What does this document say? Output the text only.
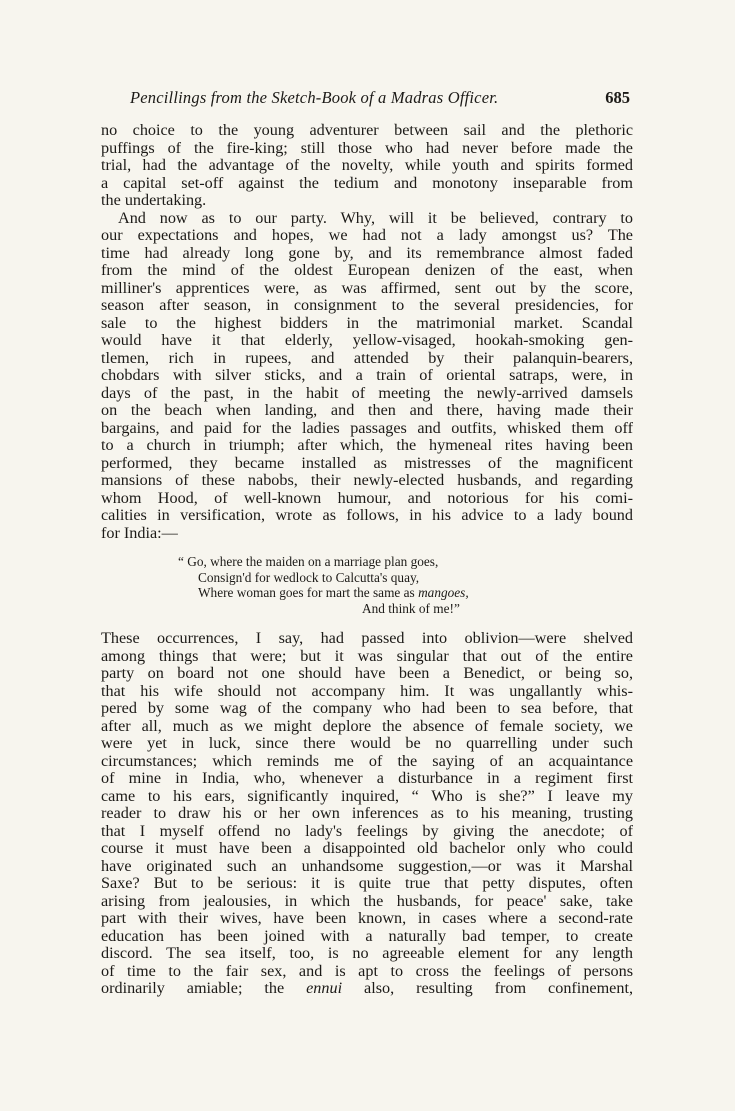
Pencillings from the Sketch-Book of a Madras Officer.	685
no choice to the young adventurer between sail and the plethoric
puffings of the fire-king; still those who had never before made the
trial, had the advantage of the novelty, while youth and spirits formed
a capital set-off against the tedium and monotony inseparable from
the undertaking.
And now as to our party. Why, will it be believed, contrary to
our expectations and hopes, we had not a lady amongst us? The
time had already long gone by, and its remembrance almost faded
from the mind of the oldest European denizen of the east, when
milliner's apprentices were, as was affirmed, sent out by the score,
season after season, in consignment to the several presidencies, for
sale to the highest bidders in the matrimonial market. Scandal
would have it that elderly, yellow-visaged, hookah-smoking gen-
tlemen, rich in rupees, and attended by their palanquin-bearers,
chobdars with silver sticks, and a train of oriental satraps, were, in
days of the past, in the habit of meeting the newly-arrived damsels
on the beach when landing, and then and there, having made their
bargains, and paid for the ladies passages and outfits, whisked them off
to a church in triumph; after which, the hymeneal rites having been
performed, they became installed as mistresses of the magnificent
mansions of these nabobs, their newly-elected husbands, and regarding
whom Hood, of well-known humour, and notorious for his comi-
calities in versification, wrote as follows, in his advice to a lady bound
for India:—
“ Go, where the maiden on a marriage plan goes,
Consign'd for wedlock to Calcutta's quay,
Where woman goes for mart the same as mangoes,
And think of me!”
These occurrences, I say, had passed into oblivion—were shelved
among things that were; but it was singular that out of the entire
party on board not one should have been a Benedict, or being so,
that his wife should not accompany him. It was ungallantly whis-
pered by some wag of the company who had been to sea before, that
after all, much as we might deplore the absence of female society, we
were yet in luck, since there would be no quarrelling under such
circumstances; which reminds me of the saying of an acquaintance
of mine in India, who, whenever a disturbance in a regiment first
came to his ears, significantly inquired, “ Who is she?” I leave my
reader to draw his or her own inferences as to his meaning, trusting
that I myself offend no lady's feelings by giving the anecdote; of
course it must have been a disappointed old bachelor only who could
have originated such an unhandsome suggestion,—or was it Marshal
Saxe? But to be serious: it is quite true that petty disputes, often
arising from jealousies, in which the husbands, for peace' sake, take
part with their wives, have been known, in cases where a second-rate
education has been joined with a naturally bad temper, to create
discord. The sea itself, too, is no agreeable element for any length
of time to the fair sex, and is apt to cross the feelings of persons
ordinarily amiable; the ennui also, resulting from confinement,
